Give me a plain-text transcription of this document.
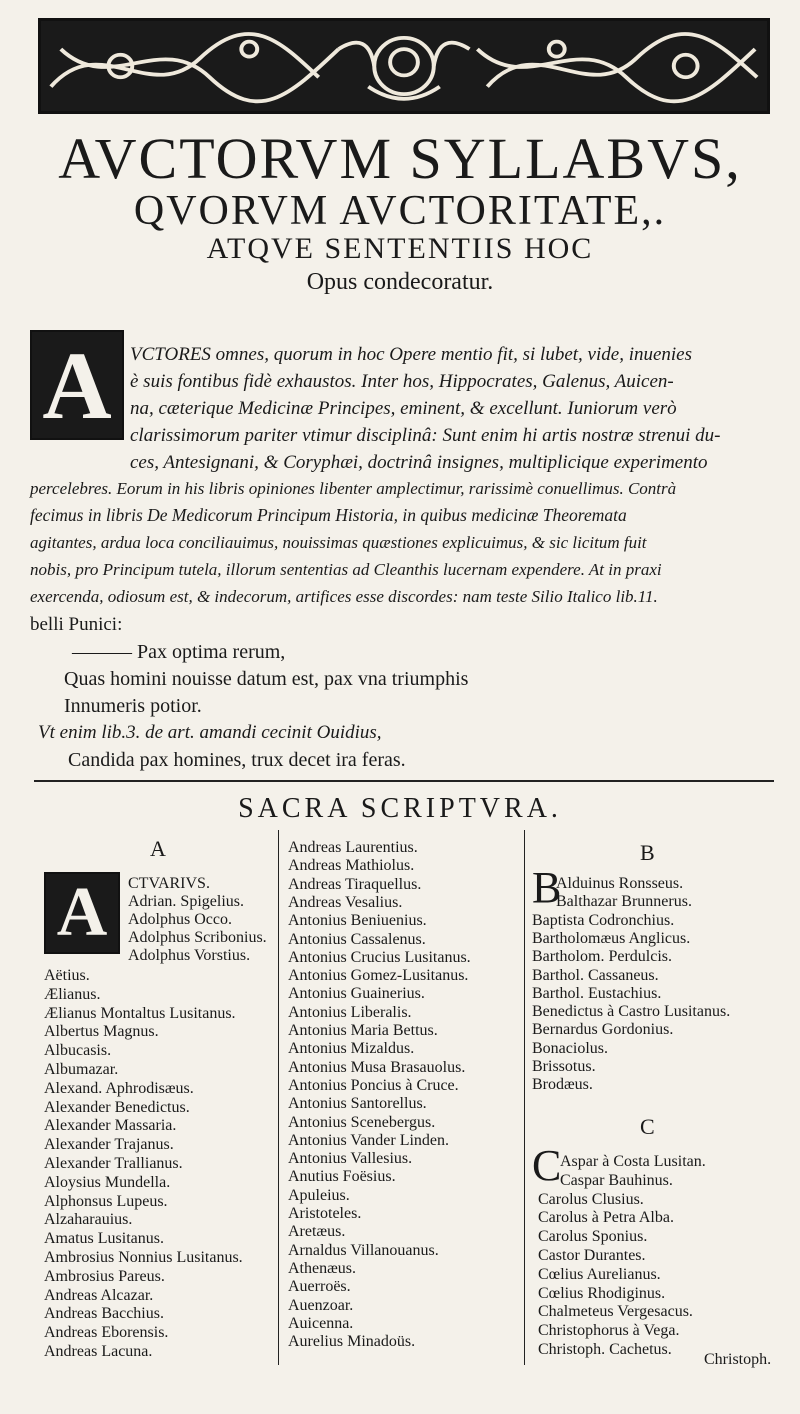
AVCTORVM SYLLABVS,
QVORVM AVCTORITATE,.
ATQVE SENTENTIIS HOC
Opus condecoratur.
A VCTORES omnes, quorum in hoc Opere mentio fit, si lubet, vide, inuenies
è suis fontibus fidè exhaustos. Inter hos, Hippocrates, Galenus, Auicen-
na, cæterique Medicinæ Principes, eminent, & excellunt. Iuniorum verò
clarissimorum pariter vtimur disciplinâ: Sunt enim hi artis nostræ strenui du-
ces, Antesignani, & Coryphæi, doctrinâ insignes, multiplicique experimento
percelebres. Eorum in his libris opiniones libenter amplectimur, rarissimè conuellimus. Contrà
fecimus in libris De Medicorum Principum Historia, in quibus medicinæ Theoremata
agitantes, ardua loca conciliauimus, nouissimas quæstiones explicuimus, & sic licitum fuit
nobis, pro Principum tutela, illorum sententias ad Cleanthis lucernam expendere. At in praxi
exercenda, odiosum est, & indecorum, artifices esse discordes: nam teste Silio Italico lib.11.
belli Punici:
——— Pax optima rerum,
Quas homini nouisse datum est, pax vna triumphis
Innumeris potior.
Vt enim lib.3. de art. amandi cecinit Ouidius,
Candida pax homines, trux decet ira feras.
SACRA SCRIPTVRA.
A
A	CTVARIVS.
Adrian. Spigelius.
Adolphus Occo.
Adolphus Scribonius.
Adolphus Vorstius.
Aëtius.
Ælianus.
Ælianus Montaltus Lusitanus.
Albertus Magnus.
Albucasis.
Albumazar.
Alexand. Aphrodisæus.
Alexander Benedictus.
Alexander Massaria.
Alexander Trajanus.
Alexander Trallianus.
Aloysius Mundella.
Alphonsus Lupeus.
Alzaharauius.
Amatus Lusitanus.
Ambrosius Nonnius Lusitanus.
Ambrosius Pareus.
Andreas Alcazar.
Andreas Bacchius.
Andreas Eborensis.
Andreas Lacuna.
Andreas Laurentius.
Andreas Mathiolus.
Andreas Tiraquellus.
Andreas Vesalius.
Antonius Beniuenius.
Antonius Cassalenus.
Antonius Crucius Lusitanus.
Antonius Gomez-Lusitanus.
Antonius Guainerius.
Antonius Liberalis.
Antonius Maria Bettus.
Antonius Mizaldus.
Antonius Musa Brasauolus.
Antonius Poncius à Cruce.
Antonius Santorellus.
Antonius Scenebergus.
Antonius Vander Linden.
Antonius Vallesius.
Anutius Foësius.
Apuleius.
Aristoteles.
Aretæus.
Arnaldus Villanouanus.
Athenæus.
Auerroës.
Auenzoar.
Auicenna.
Aurelius Minadoüs.
B
B
Alduinus Ronsseus.
Balthazar Brunnerus.
Baptista Codronchius.
Bartholomæus Anglicus.
Bartholom. Perdulcis.
Barthol. Cassaneus.
Barthol. Eustachius.
Benedictus à Castro Lusitanus.
Bernardus Gordonius.
Bonaciolus.
Brissotus.
Brodæus.
C
C
Aspar à Costa Lusitan.
Caspar Bauhinus.
Carolus Clusius.
Carolus à Petra Alba.
Carolus Sponius.
Castor Durantes.
Cœlius Aurelianus.
Cœlius Rhodiginus.
Chalmeteus Vergesacus.
Christophorus à Vega.
Christoph. Cachetus.
Christoph.
